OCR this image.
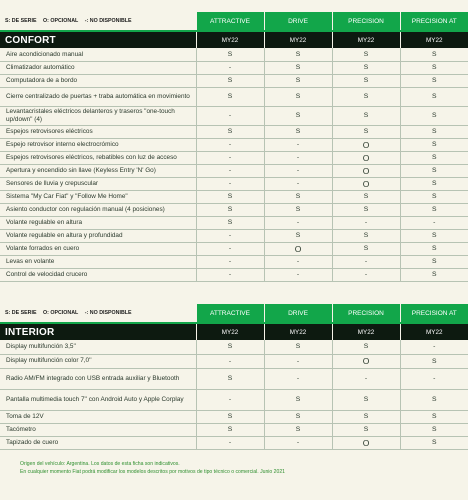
S: DE SERIE O: OPCIONAL -: NO DISPONIBLE	ATTRACTIVE	DRIVE	PRECISION	PRECISION AT
CONFORT	MY22	MY22	MY22	MY22
Aire acondicionado manual	S	S	S	S
Climatizador automático	-	S	S	S
Computadora de a bordo	S	S	S	S
Cierre centralizado de puertas + traba automática en movimiento	S	S	S	S
Levantacristales eléctricos delanteros y traseros "one-touch up/down" (4)	-	S	S	S
Espejos retrovisores eléctricos	S	S	S	S
Espejo retrovisor interno electrocrómico	-	-	O	S
Espejos retrovisores eléctricos, rebatibles con luz de acceso	-	-	O	S
Apertura y encendido sin llave (Keyless Entry 'N' Go)	-	-	O	S
Sensores de lluvia y crepuscular	-	-	O	S
Sistema "My Car Fiat" y "Follow Me Home"	S	S	S	S
Asiento conductor con regulación manual (4 posiciones)	S	S	S	S
Volante regulable en altura	S	-	-	-
Volante regulable en altura y profundidad	-	S	S	S
Volante forrados en cuero	-	O	S	S
Levas en volante	-	-	-	S
Control de velocidad crucero	-	-	-	S
S: DE SERIE O: OPCIONAL -: NO DISPONIBLE	ATTRACTIVE	DRIVE	PRECISION	PRECISION AT
INTERIOR	MY22	MY22	MY22	MY22
Display multifunción 3,5''	S	S	S	-
Display multifunción color 7,0''	-	-	O	S
Radio AM/FM integrado con USB entrada auxiliar y Bluetooth	S	-	-	-
Pantalla multimedia touch 7'' con Android Auto y Apple Corplay	-	S	S	S
Toma de 12V	S	S	S	S
Tacómetro	S	S	S	S
Tapizado de cuero	-	-	O	S
Origen del vehículo: Argentina. Los datos de esta ficha son indicativos.
En cualquier momento Fiat podrá modificar los modelos descritos por motivos de tipo técnico o comercial. Junio 2021
